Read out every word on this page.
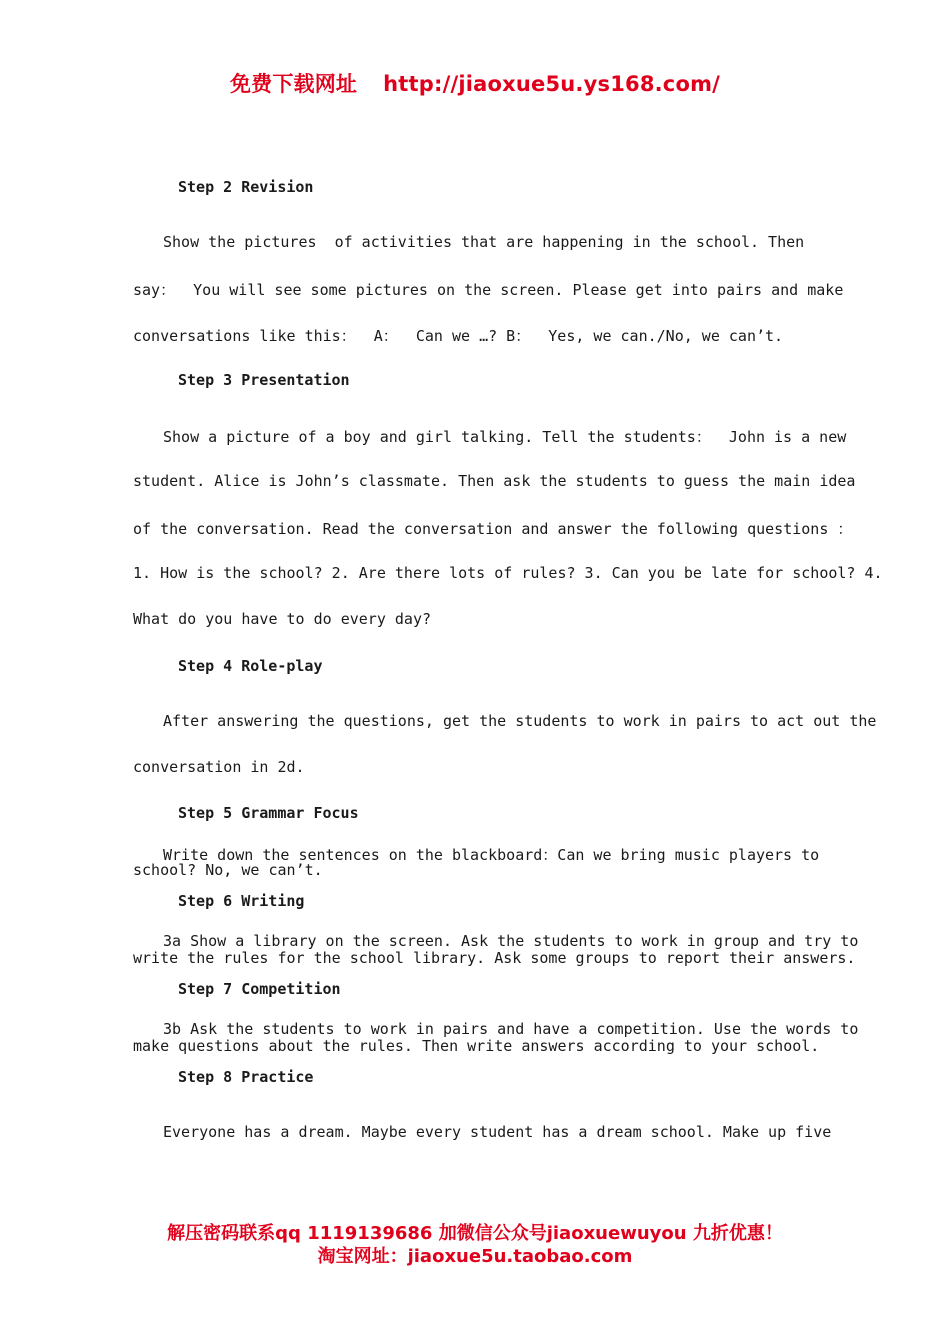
免费下载网址 http://jiaoxue5u.ys168.com/
Step 2 Revision
Show the pictures  of activities that are happening in the school. Then
say：  You will see some pictures on the screen. Please get into pairs and make
conversations like this：  A：  Can we …? B：  Yes, we can./No, we can’t.
Step 3 Presentation
Show a picture of a boy and girl talking. Tell the students：  John is a new
student. Alice is John’s classmate. Then ask the students to guess the main idea
of the conversation. Read the conversation and answer the following questions ：
1. How is the school? 2. Are there lots of rules? 3. Can you be late for school? 4.
What do you have to do every day?
Step 4 Role-play
After answering the questions, get the students to work in pairs to act out the
conversation in 2d.
Step 5 Grammar Focus
Write down the sentences on the blackboard：Can we bring music players to
school? No, we can’t.
Step 6 Writing
3a Show a library on the screen. Ask the students to work in group and try to
write the rules for the school library. Ask some groups to report their answers.
Step 7 Competition
3b Ask the students to work in pairs and have a competition. Use the words to
make questions about the rules. Then write answers according to your school.
Step 8 Practice
Everyone has a dream. Maybe every student has a dream school. Make up five
解压密码联系qq 1119139686 加微信公众号jiaoxuewuyou 九折优惠！
淘宝网址：jiaoxue5u.taobao.com
